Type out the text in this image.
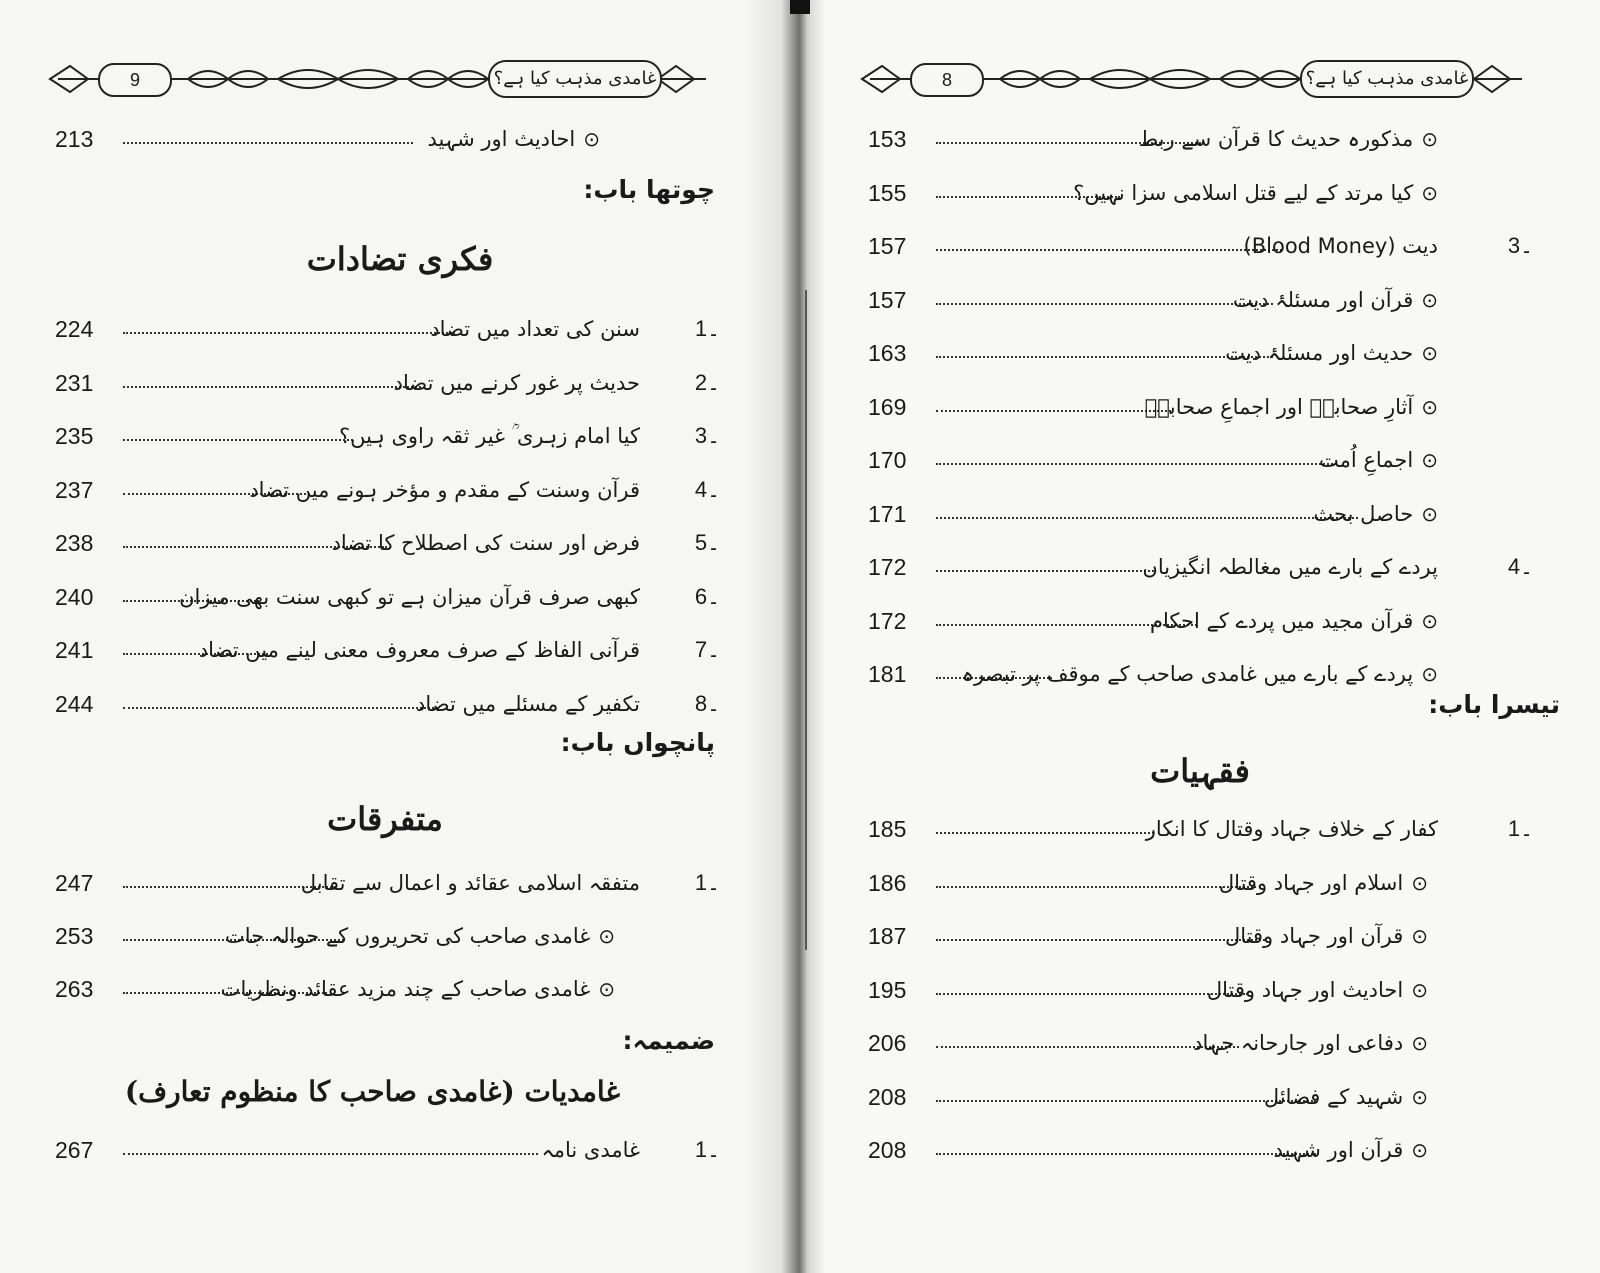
9	غامدی مذہب کیا ہے؟
213	⊙احادیث اور شہید
چوتھا باب:
فکری تضادات
224	سنن کی تعداد میں تضاد 1۔
231	حدیث پر غور کرنے میں تضاد 2۔
235	کیا امام زہری ؒ غیر ثقہ راوی ہیں؟ 3۔
237	قرآن وسنت کے مقدم و مؤخر ہونے میں تضاد 4۔
238	فرض اور سنت کی اصطلاح کا تضاد 5۔
240	کبھی صرف قرآن میزان ہے تو کبھی سنت بھی میزان 6۔
241	قرآنی الفاظ کے صرف معروف معنی لینے میں تضاد 7۔
244	تکفیر کے مسئلے میں تضاد 8۔
پانچواں باب:
متفرقات
247	متفقہ اسلامی عقائد و اعمال سے تقابل 1۔
253	⊙غامدی صاحب کی تحریروں کے حوالہ جات
263	⊙غامدی صاحب کے چند مزید عقائد ونظریات
ضمیمہ:
غامدیات (غامدی صاحب کا منظوم تعارف)
267	غامدی نامہ 1۔
8	غامدی مذہب کیا ہے؟
153	⊙مذکورہ حدیث کا قرآن سے ربط
155	⊙کیا مرتد کے لیے قتل اسلامی سزا نہیں؟
157	دیت (Blood Money)	3۔
157	⊙قرآن اور مسئلۂ دیت
163	⊙حدیث اور مسئلۂ دیت
169	⊙آثارِ صحابہؓ اور اجماعِ صحابہؓ
170	⊙اجماعِ اُمت
171	⊙حاصل بحث
172	پردے کے بارے میں مغالطہ انگیزیاں	4۔
172	⊙قرآن مجید میں پردے کے احکام
181	⊙پردے کے بارے میں غامدی صاحب کے موقف پر تبصرہ
تیسرا باب:
فقہیات
185	کفار کے خلاف جہاد وقتال کا انکار	1۔
186	⊙اسلام اور جہاد وقتال
187	⊙قرآن اور جہاد وقتال
195	⊙احادیث اور جہاد وقتال
206	⊙دفاعی اور جارحانہ جہاد
208	⊙شہید کے فضائل
208	⊙قرآن اور شہید
